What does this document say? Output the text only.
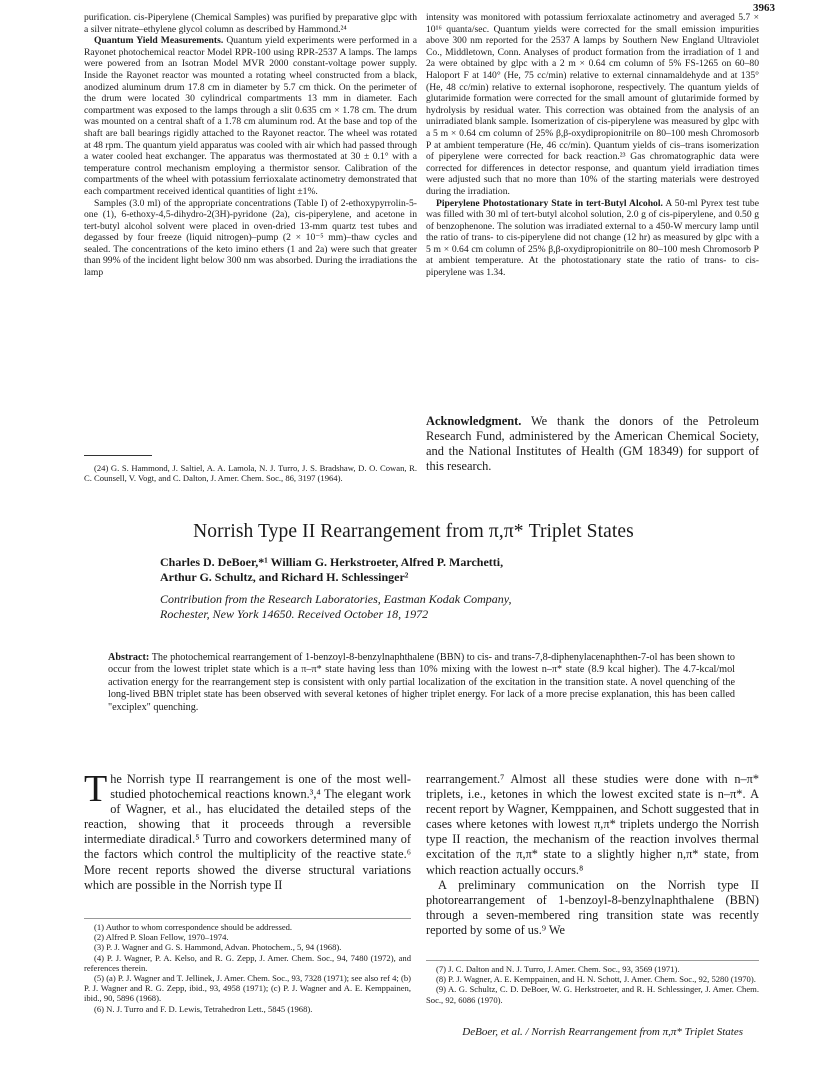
3963

purification. cis-Piperylene (Chemical Samples) was purified by preparative glpc with a silver nitrate–ethylene glycol column as described by Hammond.²⁴

Quantum Yield Measurements. Quantum yield experiments were performed in a Rayonet photochemical reactor Model RPR-100 using RPR-2537 A lamps. The lamps were powered from an Isotran Model MVR 2000 constant-voltage power supply. Inside the Rayonet reactor was mounted a rotating wheel constructed from a black, anodized aluminum drum 17.8 cm in diameter by 5.7 cm thick. On the perimeter of the drum were located 30 cylindrical compartments 13 mm in diameter. Each compartment was exposed to the lamps through a slit 0.635 cm × 1.78 cm. The drum was mounted on a central shaft of a 1.78 cm aluminum rod. At the base and top of the shaft are ball bearings rigidly attached to the Rayonet reactor. The wheel was rotated at 48 rpm. The quantum yield apparatus was cooled with air which had passed through a water cooled heat exchanger. The apparatus was thermostated at 30 ± 0.1° with a temperature control mechanism employing a thermistor sensor. Calibration of the compartments of the wheel with potassium ferrioxalate actinometry demonstrated that each compartment received identical quantities of light ±1%.

Samples (3.0 ml) of the appropriate concentrations (Table I) of 2-ethoxypyrrolin-5-one (1), 6-ethoxy-4,5-dihydro-2(3H)-pyridone (2a), cis-piperylene, and acetone in tert-butyl alcohol solvent were placed in oven-dried 13-mm quartz test tubes and degassed by four freeze (liquid nitrogen)–pump (2 × 10⁻⁵ mm)–thaw cycles and sealed. The concentrations of the keto imino ethers (1 and 2a) were such that greater than 99% of the incident light below 300 nm was absorbed. During the irradiations the lamp

intensity was monitored with potassium ferrioxalate actinometry and averaged 5.7 × 10¹⁶ quanta/sec. Quantum yields were corrected for the small emission impurities above 300 nm reported for the 2537 A lamps by Southern New England Ultraviolet Co., Middletown, Conn. Analyses of product formation from the irradiation of 1 and 2a were obtained by glpc with a 2 m × 0.64 cm column of 5% FS-1265 on 60–80 Haloport F at 140° (He, 75 cc/min) relative to external cinnamaldehyde and at 135° (He, 48 cc/min) relative to external isophorone, respectively. The quantum yields of glutarimide formation were corrected for the small amount of glutarimide formed by hydrolysis by residual water. This correction was obtained from the analysis of an unirradiated blank sample. Isomerization of cis-piperylene was measured by glpc with a 5 m × 0.64 cm column of 25% β,β-oxydipropionitrile on 80–100 mesh Chromosorb P at ambient temperature (He, 46 cc/min). Quantum yields of cis–trans isomerization of piperylene were corrected for back reaction.²³ Gas chromatographic data were corrected for differences in detector response, and quantum yield irradiation times were adjusted such that no more than 10% of the starting materials were destroyed during the irradiation.

Piperylene Photostationary State in tert-Butyl Alcohol. A 50-ml Pyrex test tube was filled with 30 ml of tert-butyl alcohol solution, 2.0 g of cis-piperylene, and 0.50 g of benzophenone. The solution was irradiated external to a 450-W mercury lamp until the ratio of trans- to cis-piperylene did not change (12 hr) as measured by glpc with a 5 m × 0.64 cm column of 25% β,β-oxydipropionitrile on 80–100 mesh Chromosorb P at ambient temperature. At the photostationary state the ratio of trans- to cis-piperylene was 1.34.

(24) G. S. Hammond, J. Saltiel, A. A. Lamola, N. J. Turro, J. S. Bradshaw, D. O. Cowan, R. C. Counsell, V. Vogt, and C. Dalton, J. Amer. Chem. Soc., 86, 3197 (1964).
Acknowledgment. We thank the donors of the Petroleum Research Fund, administered by the American Chemical Society, and the National Institutes of Health (GM 18349) for support of this research.
Norrish Type II Rearrangement from π,π* Triplet States
Charles D. DeBoer,*¹ William G. Herkstroeter, Alfred P. Marchetti,
Arthur G. Schultz, and Richard H. Schlessinger²
Contribution from the Research Laboratories, Eastman Kodak Company,
Rochester, New York 14650. Received October 18, 1972
Abstract: The photochemical rearrangement of 1-benzoyl-8-benzylnaphthalene (BBN) to cis- and trans-7,8-diphenylacenaphthen-7-ol has been shown to occur from the lowest triplet state which is a π–π* state having less than 10% mixing with the lowest n–π* state (8.9 kcal higher). The 4.7-kcal/mol activation energy for the rearrangement step is consistent with only partial localization of the excitation in the transition state. A novel quenching of the long-lived BBN triplet state has been observed with several ketones of higher triplet energy. For lack of a more precise explanation, this has been called "exciplex" quenching.

The Norrish type II rearrangement is one of the most well-studied photochemical reactions known.³,⁴ The elegant work of Wagner, et al., has elucidated the detailed steps of the reaction, showing that it proceeds through a reversible intermediate diradical.⁵ Turro and coworkers determined many of the factors which control the multiplicity of the reactive state.⁶ More recent reports showed the diverse structural variations which are possible in the Norrish type II

rearrangement.⁷ Almost all these studies were done with n–π* triplets, i.e., ketones in which the lowest excited state is n–π*. A recent report by Wagner, Kemppainen, and Schott suggested that in cases where ketones with lowest π,π* triplets undergo the Norrish type II reaction, the mechanism of the reaction involves thermal excitation of the π,π* state to a slightly higher n,π* state, from which reaction actually occurs.⁸

A preliminary communication on the Norrish type II photorearrangement of 1-benzoyl-8-benzylnaphthalene (BBN) through a seven-membered ring transition state was recently reported by some of us.⁹ We

(1) Author to whom correspondence should be addressed.
(2) Alfred P. Sloan Fellow, 1970–1974.
(3) P. J. Wagner and G. S. Hammond, Advan. Photochem., 5, 94 (1968).
(4) P. J. Wagner, P. A. Kelso, and R. G. Zepp, J. Amer. Chem. Soc., 94, 7480 (1972), and references therein.
(5) (a) P. J. Wagner and T. Jellinek, J. Amer. Chem. Soc., 93, 7328 (1971); see also ref 4; (b) P. J. Wagner and R. G. Zepp, ibid., 93, 4958 (1971); (c) P. J. Wagner and A. E. Kemppainen, ibid., 90, 5896 (1968).
(6) N. J. Turro and F. D. Lewis, Tetrahedron Lett., 5845 (1968).
(7) J. C. Dalton and N. J. Turro, J. Amer. Chem. Soc., 93, 3569 (1971).
(8) P. J. Wagner, A. E. Kemppainen, and H. N. Schott, J. Amer. Chem. Soc., 92, 5280 (1970).
(9) A. G. Schultz, C. D. DeBoer, W. G. Herkstroeter, and R. H. Schlessinger, J. Amer. Chem. Soc., 92, 6086 (1970).
DeBoer, et al. / Norrish Rearrangement from π,π* Triplet States
